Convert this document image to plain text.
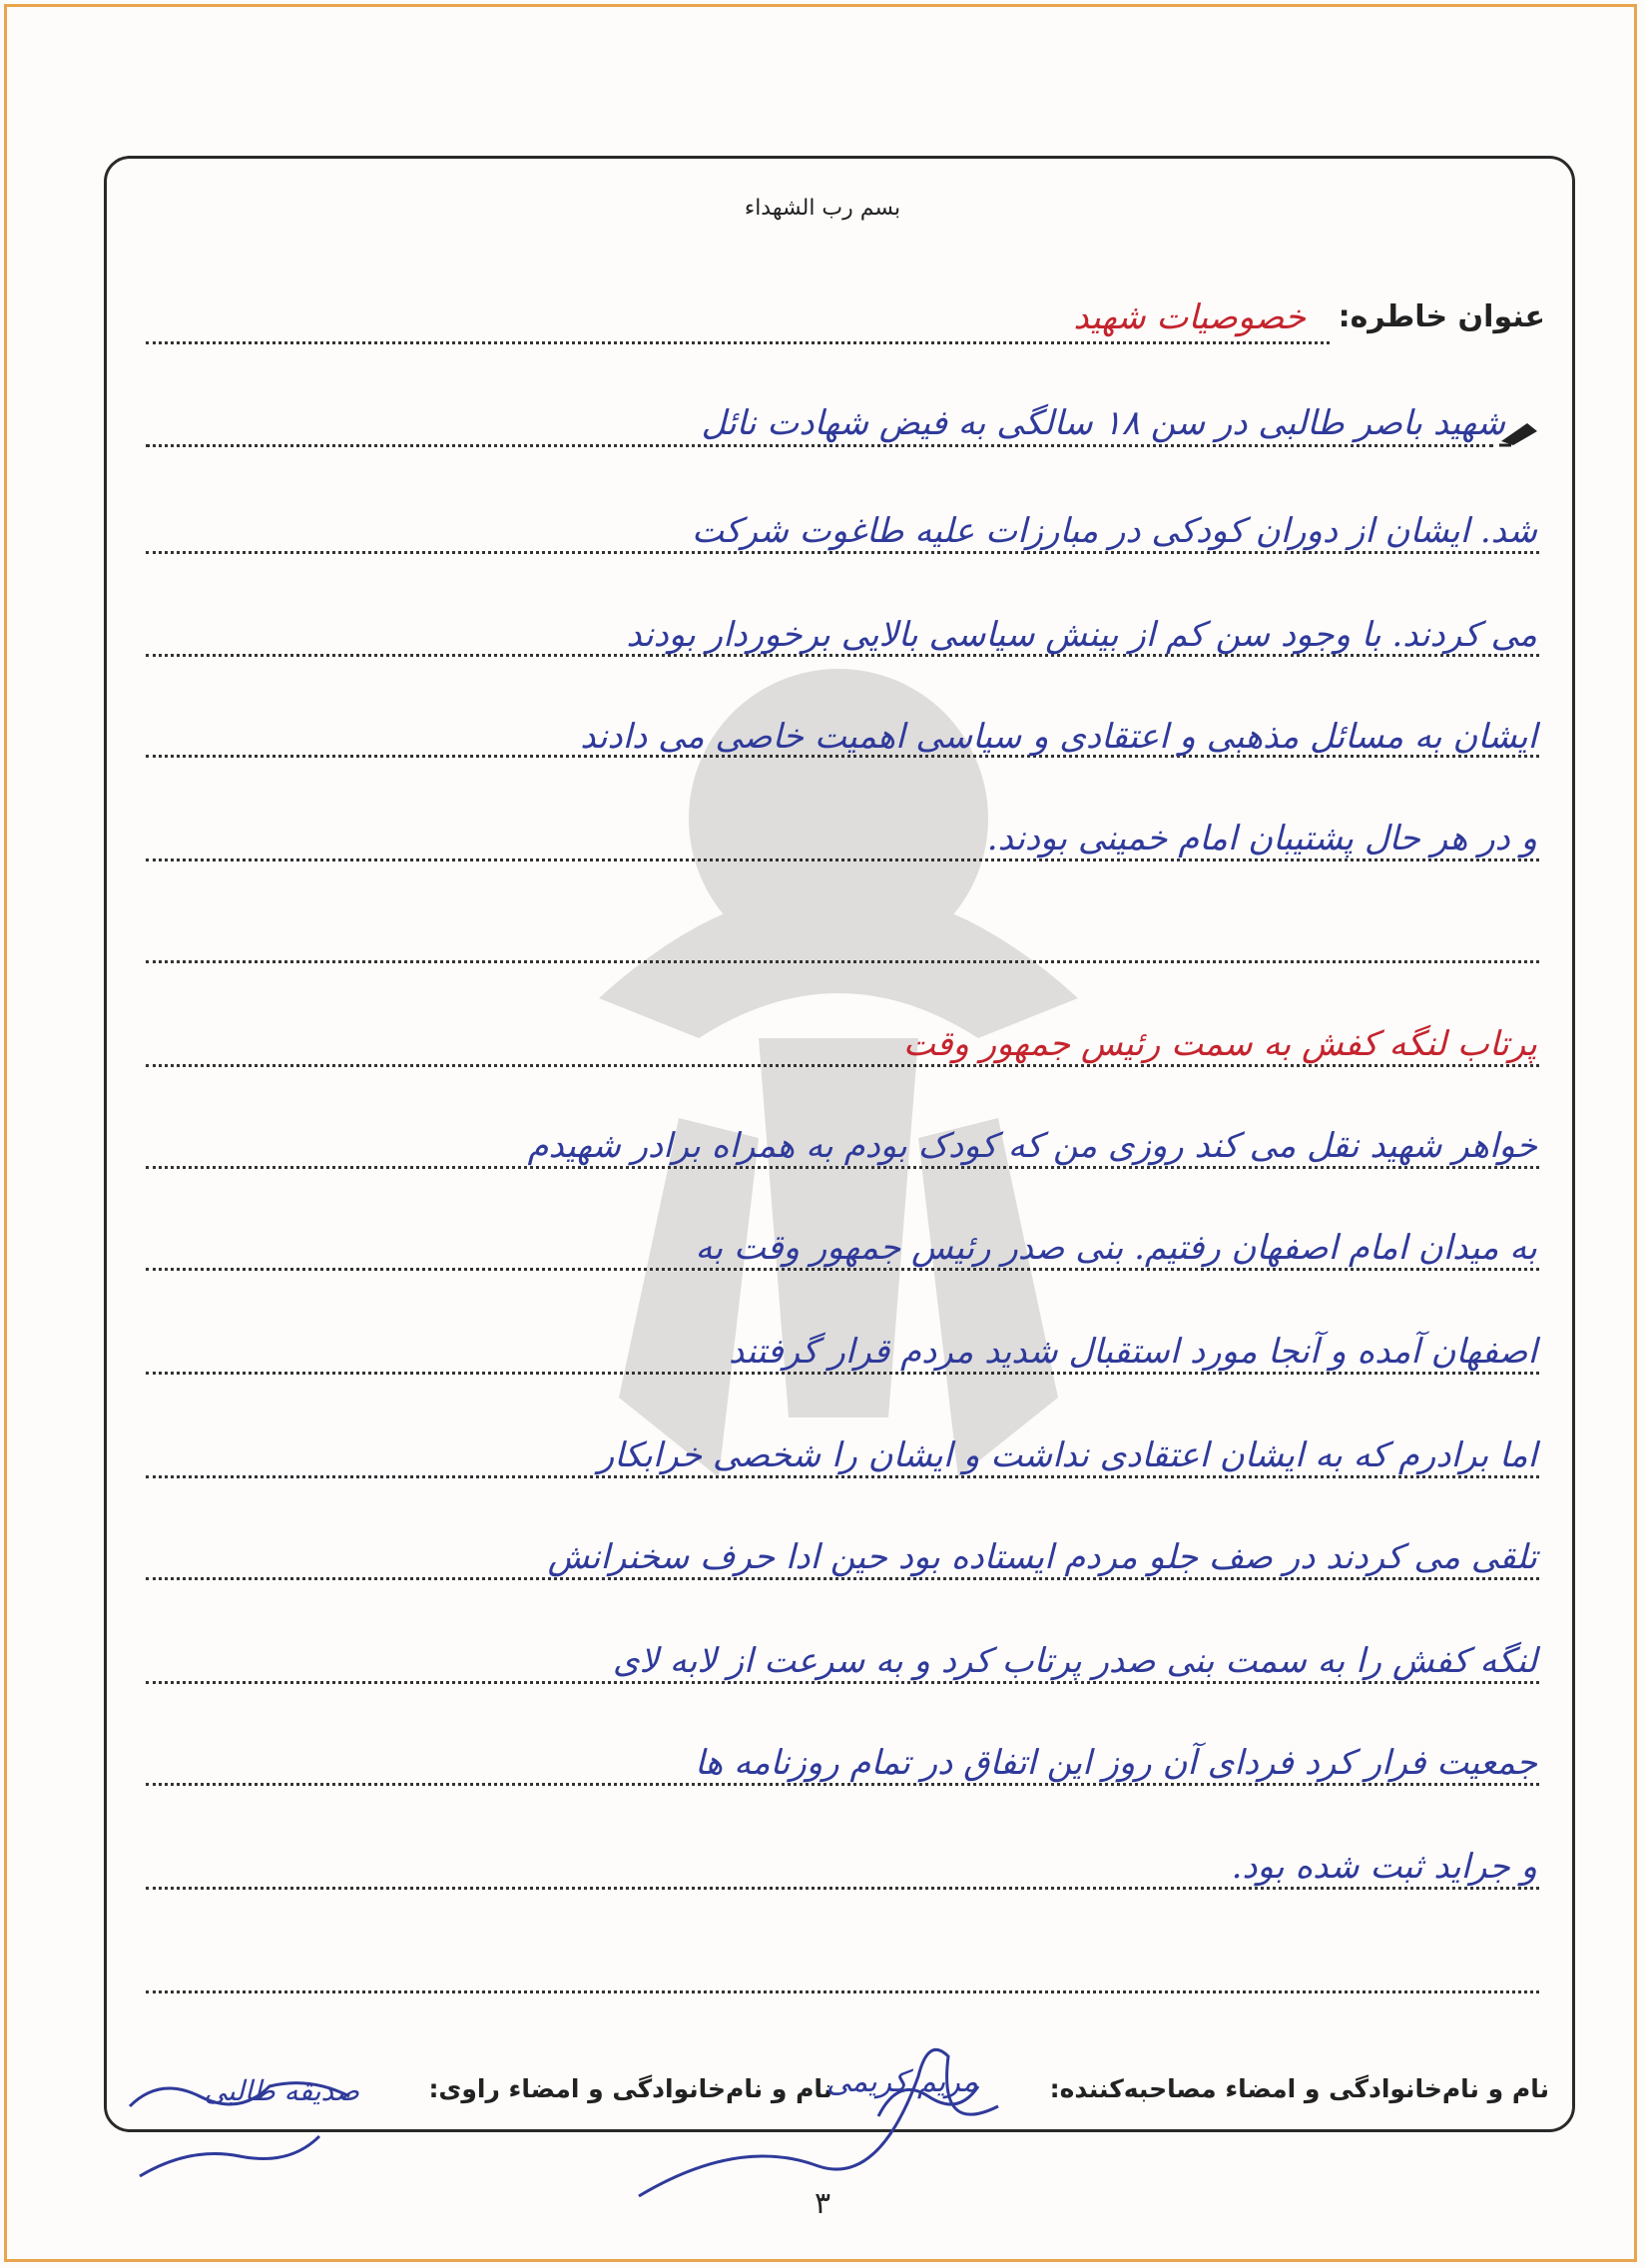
بسم رب الشهداء
عنوان خاطره:
خصوصیات شهید
شهید باصر طالبی در سن ۱۸ سالگی به فیض شهادت نائل
شد. ایشان از دوران کودکی در مبارزات علیه طاغوت شرکت
می کردند. با وجود سن کم از بینش سیاسی بالایی برخوردار بودند
ایشان به مسائل مذهبی و اعتقادی و سیاسی اهمیت خاصی می دادند
و در هر حال پشتیبان امام خمینی بودند.
پرتاب لنگه کفش به سمت رئیس جمهور وقت
خواهر شهید نقل می کند روزی من که کودک بودم به همراه برادر شهیدم
به میدان امام اصفهان رفتیم. بنی صدر رئیس جمهور وقت به
اصفهان آمده و آنجا مورد استقبال شدید مردم قرار گرفتند
اما برادرم که به ایشان اعتقادی نداشت و ایشان را شخصی خرابکار
تلقی می کردند در صف جلو مردم ایستاده بود حین ادا حرف سخنرانش
لنگه کفش را به سمت بنی صدر پرتاب کرد و به سرعت از لابه لای
جمعیت فرار کرد فردای آن روز این اتفاق در تمام روزنامه ها
و جراید ثبت شده بود.
نام و نام‌خانوادگی و امضاء مصاحبه‌کننده:  نام و نام‌خانوادگی و امضاء راوی:
مریم کریمی
صدیقه طالبی
۳
